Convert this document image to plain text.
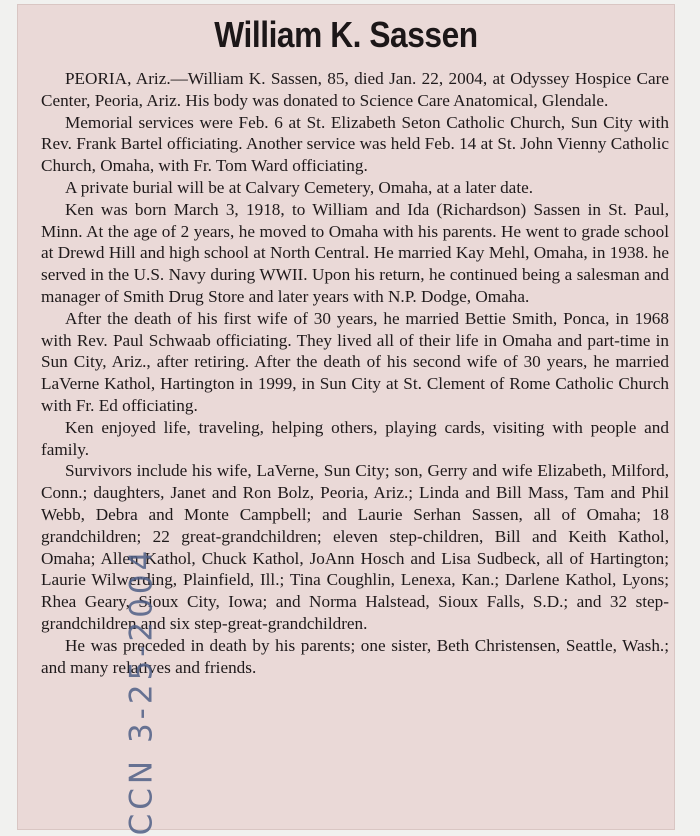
William K. Sassen

PEORIA, Ariz.—William K. Sassen, 85, died Jan. 22, 2004, at Odyssey Hospice Care Center, Peoria, Ariz. His body was donated to Science Care Anatomical, Glendale.

Memorial services were Feb. 6 at St. Elizabeth Seton Catholic Church, Sun City with Rev. Frank Bartel officiating. Another service was held Feb. 14 at St. John Vienny Catholic Church, Omaha, with Fr. Tom Ward officiating.

A private burial will be at Calvary Cemetery, Omaha, at a later date.

Ken was born March 3, 1918, to William and Ida (Richardson) Sassen in St. Paul, Minn. At the age of 2 years, he moved to Omaha with his parents. He went to grade school at Drewd Hill and high school at North Central. He married Kay Mehl, Omaha, in 1938. he served in the U.S. Navy during WWII. Upon his return, he continued being a salesman and manager of Smith Drug Store and later years with N.P. Dodge, Omaha.

After the death of his first wife of 30 years, he married Bettie Smith, Ponca, in 1968 with Rev. Paul Schwaab officiating. They lived all of their life in Omaha and part-time in Sun City, Ariz., after retiring. After the death of his second wife of 30 years, he married LaVerne Kathol, Hartington in 1999, in Sun City at St. Clement of Rome Catholic Church with Fr. Ed officiating.

Ken enjoyed life, traveling, helping others, playing cards, visiting with people and family.

Survivors include his wife, LaVerne, Sun City; son, Gerry and wife Elizabeth, Milford, Conn.; daughters, Janet and Ron Bolz, Peoria, Ariz.; Linda and Bill Mass, Tam and Phil Webb, Debra and Monte Campbell; and Laurie Serhan Sassen, all of Omaha; 18 grandchildren; 22 great-grandchildren; eleven step-children, Bill and Keith Kathol, Omaha; Allen Kathol, Chuck Kathol, JoAnn Hosch and Lisa Sudbeck, all of Hartington; Laurie Wilwerding, Plainfield, Ill.; Tina Coughlin, Lenexa, Kan.; Darlene Kathol, Lyons; Rhea Geary, Sioux City, Iowa; and Norma Halstead, Sioux Falls, S.D.; and 32 step-grandchildren and six step-great-grandchildren.

He was preceded in death by his parents; one sister, Beth Christensen, Seattle, Wash.; and many relatives and friends.

CCN 3-25-2004
